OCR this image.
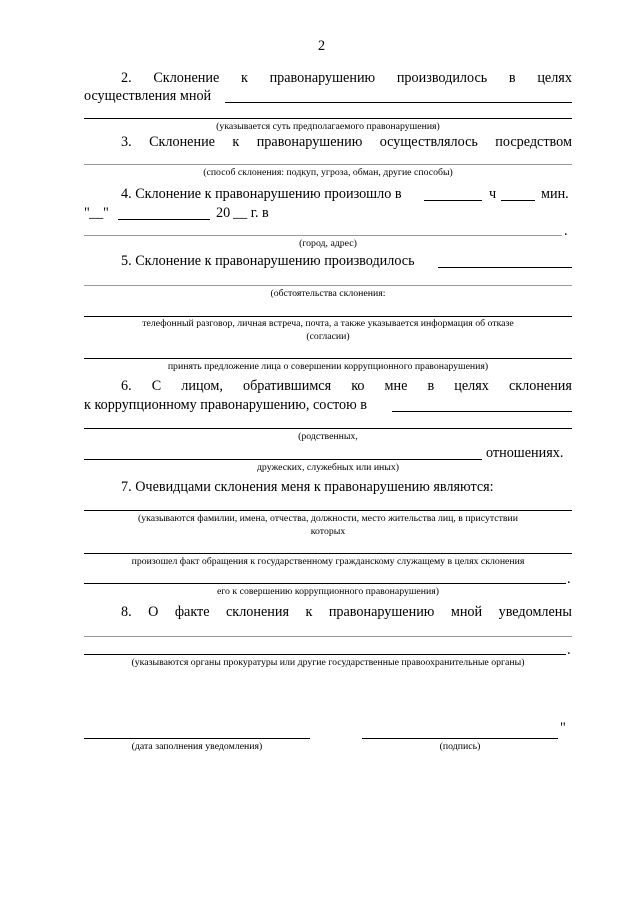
2
2. Склонение к правонарушению производилось в целях
осуществления мной
(указывается суть предполагаемого правонарушения)
3. Склонение к правонарушению осуществлялось посредством
(способ склонения: подкуп, угроза, обман, другие способы)
4. Склонение к правонарушению произошло в	ч	мин.
" __ "	20 __ г. в
.
(город, адрес)
5. Склонение к правонарушению производилось
(обстоятельства склонения:
телефонный разговор, личная встреча, почта, а также указывается информация об отказе
(согласии)
принять предложение лица о совершении коррупционного правонарушения)
6. С лицом, обратившимся ко мне в целях склонения
к коррупционному правонарушению, состою в
(родственных,
отношениях.
дружеских, служебных или иных)
7. Очевидцами склонения меня к правонарушению являются:
(указываются фамилии, имена, отчества, должности, место жительства лиц, в присутствии
которых
произошел факт обращения к государственному гражданскому служащему в целях склонения
.
его к совершению коррупционного правонарушения)
8. О факте склонения к правонарушению мной уведомлены
.
(указываются органы прокуратуры или другие государственные правоохранительные органы)
(дата заполнения уведомления)
"
(подпись)
